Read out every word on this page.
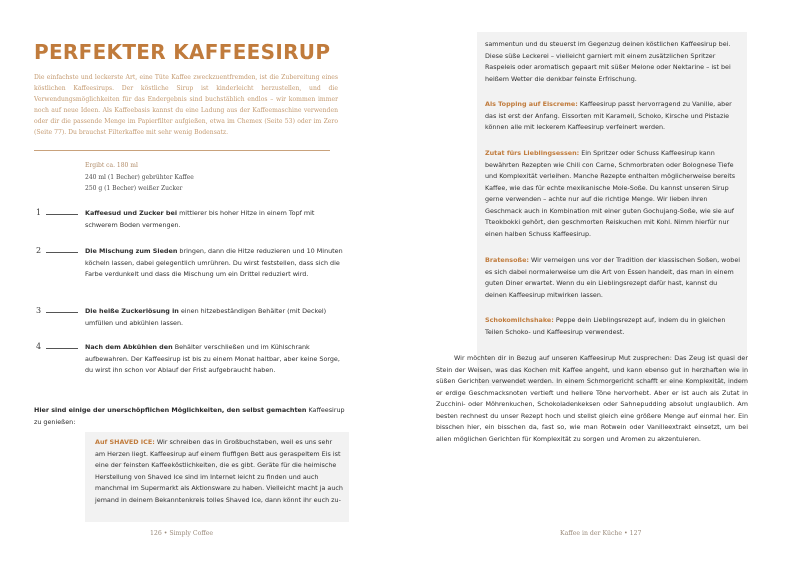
PERFEKTER KAFFEESIRUP
Die einfachste und leckerste Art, eine Tüte Kaffee zweckzuentfremden, ist die Zubereitung eines köstlichen Kaffeesirups. Der köstliche Sirup ist kinderleicht herzustellen, und die Verwendungsmöglichkeiten für das Endergebnis sind buchstäblich endlos – wir kommen immer noch auf neue Ideen. Als Kaffeebasis kannst du eine Ladung aus der Kaffeemaschine verwenden oder dir die passende Menge im Papierfilter aufgießen, etwa im Chemex (Seite 53) oder im Zero (Seite 77). Du brauchst Filterkaffee mit sehr wenig Bodensatz.
Ergibt ca. 180 ml
240 ml (1 Becher) gebrühter Kaffee
250 g (1 Becher) weißer Zucker
1	Kaffeesud und Zucker bei mittlerer bis hoher Hitze in einem Topf mit schwerem Boden vermengen.
2	Die Mischung zum Sieden bringen, dann die Hitze reduzieren und 10 Minuten köcheln lassen, dabei gelegentlich umrühren. Du wirst feststellen, dass sich die Farbe verdunkelt und dass die Mischung um ein Drittel reduziert wird.
3	Die heiße Zuckerlösung in einen hitzebeständigen Behälter (mit Deckel) umfüllen und abkühlen lassen.
4	Nach dem Abkühlen den Behälter verschließen und im Kühlschrank aufbewahren. Der Kaffeesirup ist bis zu einem Monat haltbar, aber keine Sorge, du wirst ihn schon vor Ablauf der Frist aufgebraucht haben.
Hier sind einige der unerschöpflichen Möglichkeiten, den selbst gemachten Kaffeesirup zu genießen:
Auf SHAVED ICE: Wir schreiben das in Großbuchstaben, weil es uns sehr am Herzen liegt. Kaffeesirup auf einem fluffigen Bett aus geraspeltem Eis ist eine der feinsten Kaffeeköstlichkeiten, die es gibt. Geräte für die heimische Herstellung von Shaved Ice sind im Internet leicht zu finden und auch manchmal im Supermarkt als Aktionsware zu haben. Vielleicht macht ja auch jemand in deinem Bekanntenkreis tolles Shaved Ice, dann könnt ihr euch zu-
126 • Simply Coffee
sammentun und du steuerst im Gegenzug deinen köstlichen Kaffeesirup bei. Diese süße Leckerei – vielleicht garniert mit einem zusätzlichen Spritzer Raspeleis oder aromatisch gepaart mit süßer Melone oder Nektarine – ist bei heißem Wetter die denkbar feinste Erfrischung.
Als Topping auf Eiscreme: Kaffeesirup passt hervorragend zu Vanille, aber das ist erst der Anfang. Eissorten mit Karamell, Schoko, Kirsche und Pistazie können alle mit leckerem Kaffeesirup verfeinert werden.
Zutat fürs Lieblingsessen: Ein Spritzer oder Schuss Kaffeesirup kann bewährten Rezepten wie Chili con Carne, Schmorbraten oder Bolognese Tiefe und Komplexität verleihen. Manche Rezepte enthalten möglicherweise bereits Kaffee, wie das für echte mexikanische Mole-Soße. Du kannst unseren Sirup gerne verwenden – achte nur auf die richtige Menge. Wir lieben ihren Geschmack auch in Kombination mit einer guten Gochujang-Soße, wie sie auf Tteokbokki gehört, den geschmorten Reiskuchen mit Kohl. Nimm hierfür nur einen halben Schuss Kaffeesirup.
Bratensoße: Wir verneigen uns vor der Tradition der klassischen Soßen, wobei es sich dabei normalerweise um die Art von Essen handelt, das man in einem guten Diner erwartet. Wenn du ein Lieblingsrezept dafür hast, kannst du deinen Kaffeesirup mitwirken lassen.
Schokomilchshake: Peppe dein Lieblingsrezept auf, indem du in gleichen Teilen Schoko- und Kaffeesirup verwendest.
Wir möchten dir in Bezug auf unseren Kaffeesirup Mut zusprechen: Das Zeug ist quasi der Stein der Weisen, was das Kochen mit Kaffee angeht, und kann ebenso gut in herzhaften wie in süßen Gerichten verwendet werden. In einem Schmorgericht schafft er eine Komplexität, indem er erdige Geschmacksnoten vertieft und hellere Töne hervorhebt. Aber er ist auch als Zutat in Zucchini- oder Möhrenkuchen, Schokoladenkeksen oder Sahnepudding absolut unglaublich. Am besten rechnest du unser Rezept hoch und stellst gleich eine größere Menge auf einmal her. Ein bisschen hier, ein bisschen da, fast so, wie man Rotwein oder Vanilleextrakt einsetzt, um bei allen möglichen Gerichten für Komplexität zu sorgen und Aromen zu akzentuieren.
Kaffee in der Küche • 127
